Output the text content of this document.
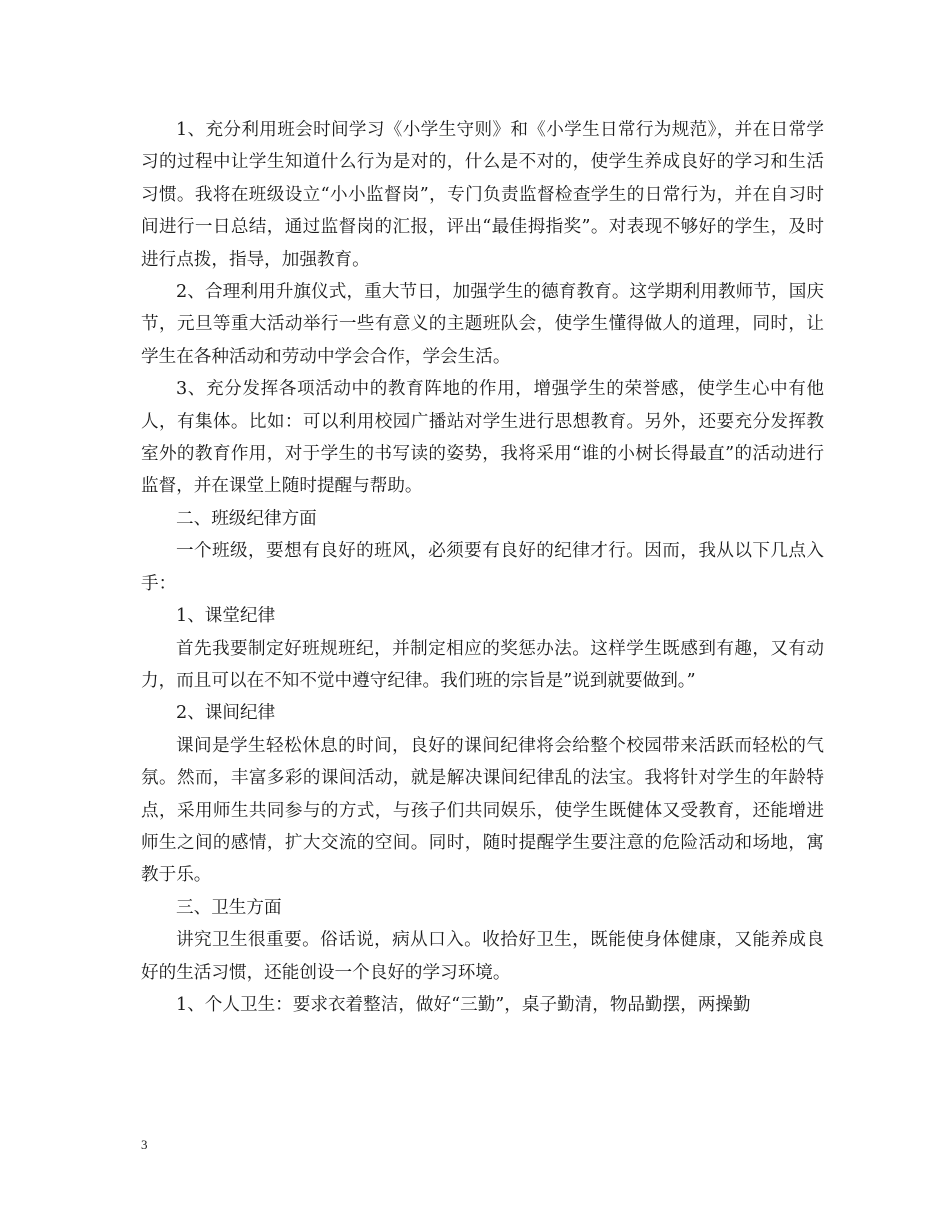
1、充分利用班会时间学习《小学生守则》和《小学生日常行为规范》，并在日常学习的过程中让学生知道什么行为是对的，什么是不对的，使学生养成良好的学习和生活习惯。我将在班级设立“小小监督岗”，专门负责监督检查学生的日常行为，并在自习时间进行一日总结，通过监督岗的汇报，评出“最佳拇指奖”。对表现不够好的学生，及时进行点拨，指导，加强教育。

2、合理利用升旗仪式，重大节日，加强学生的德育教育。这学期利用教师节，国庆节，元旦等重大活动举行一些有意义的主题班队会，使学生懂得做人的道理，同时，让学生在各种活动和劳动中学会合作，学会生活。

3、充分发挥各项活动中的教育阵地的作用，增强学生的荣誉感，使学生心中有他人，有集体。比如：可以利用校园广播站对学生进行思想教育。另外，还要充分发挥教室外的教育作用，对于学生的书写读的姿势，我将采用“谁的小树长得最直”的活动进行监督，并在课堂上随时提醒与帮助。

二、班级纪律方面

一个班级，要想有良好的班风，必须要有良好的纪律才行。因而，我从以下几点入手：

1、课堂纪律

首先我要制定好班规班纪，并制定相应的奖惩办法。这样学生既感到有趣，又有动力，而且可以在不知不觉中遵守纪律。我们班的宗旨是”说到就要做到。”

2、课间纪律

课间是学生轻松休息的时间，良好的课间纪律将会给整个校园带来活跃而轻松的气氛。然而，丰富多彩的课间活动，就是解决课间纪律乱的法宝。我将针对学生的年龄特点，采用师生共同参与的方式，与孩子们共同娱乐，使学生既健体又受教育，还能增进师生之间的感情，扩大交流的空间。同时，随时提醒学生要注意的危险活动和场地，寓教于乐。

三、卫生方面

讲究卫生很重要。俗话说，病从口入。收拾好卫生，既能使身体健康，又能养成良好的生活习惯，还能创设一个良好的学习环境。

1、个人卫生：要求衣着整洁，做好“三勤”，桌子勤清，物品勤摆，两操勤

3
